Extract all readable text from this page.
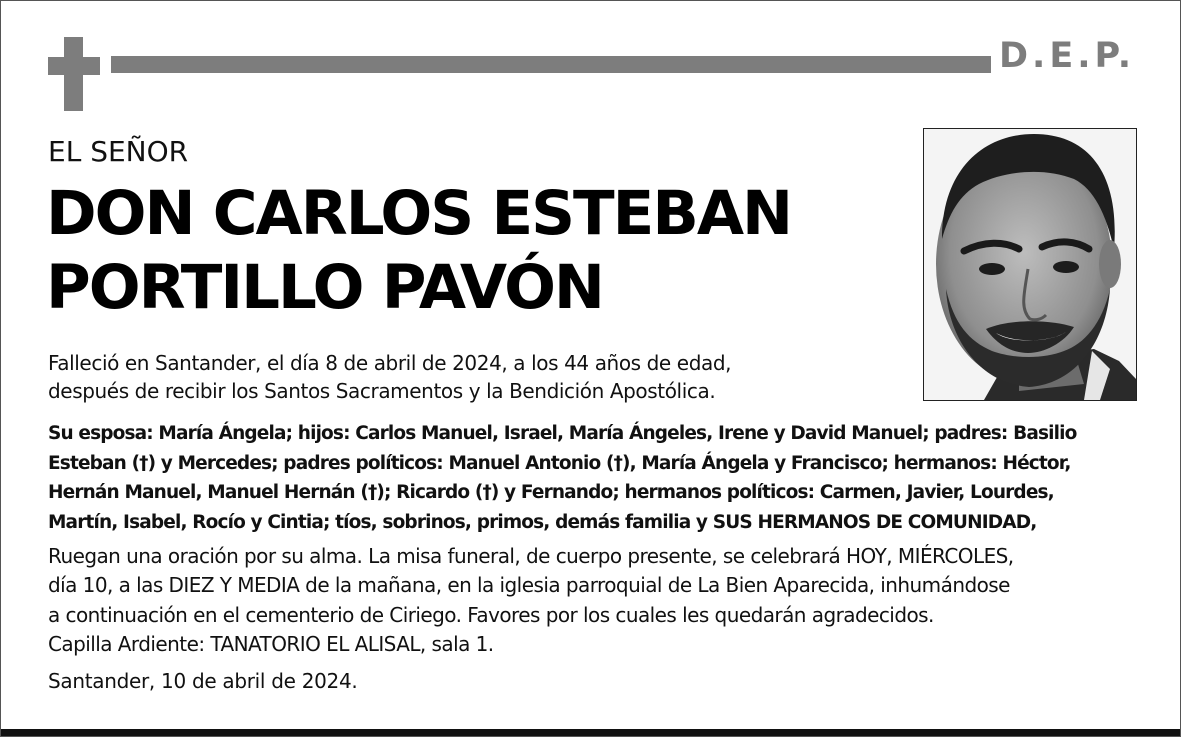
D.E.P.
EL SEÑOR
DON CARLOS ESTEBAN
PORTILLO PAVÓN
Falleció en Santander, el día 8 de abril de 2024, a los 44 años de edad,
después de recibir los Santos Sacramentos y la Bendición Apostólica.
Su esposa: María Ángela; hijos: Carlos Manuel, Israel, María Ángeles, Irene y David Manuel; padres: Basilio
Esteban (†) y Mercedes; padres políticos: Manuel Antonio (†), María Ángela y Francisco; hermanos: Héctor,
Hernán Manuel, Manuel Hernán (†); Ricardo (†) y Fernando; hermanos políticos: Carmen, Javier, Lourdes,
Martín, Isabel, Rocío y Cintia; tíos, sobrinos, primos, demás familia y SUS HERMANOS DE COMUNIDAD,
Ruegan una oración por su alma. La misa funeral, de cuerpo presente, se celebrará HOY, MIÉRCOLES,
día 10, a las DIEZ Y MEDIA de la mañana, en la iglesia parroquial de La Bien Aparecida, inhumándose
a continuación en el cementerio de Ciriego. Favores por los cuales les quedarán agradecidos.
Capilla Ardiente: TANATORIO EL ALISAL, sala 1.
Santander, 10 de abril de 2024.
